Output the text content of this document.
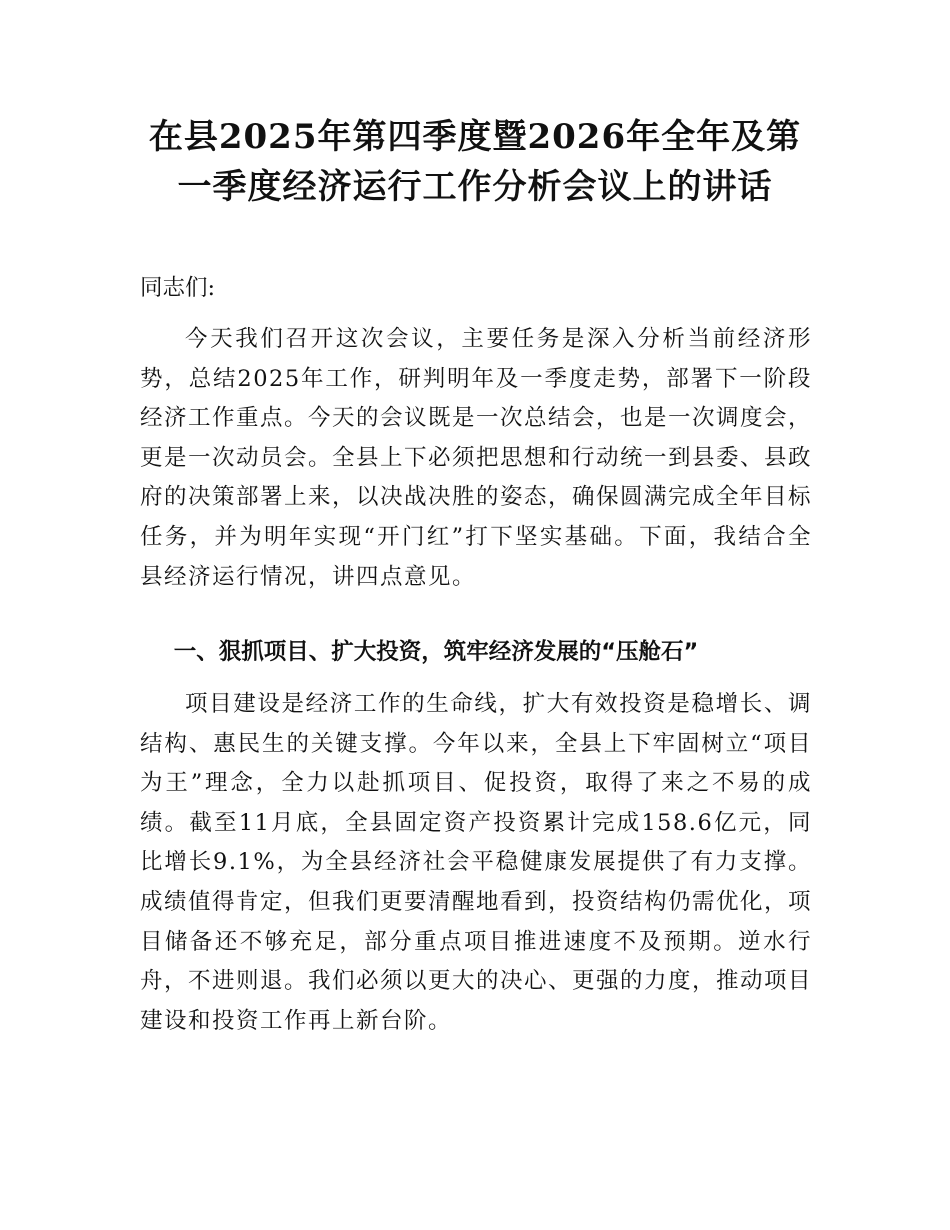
在县2025年第四季度暨2026年全年及第一季度经济运行工作分析会议上的讲话

同志们:

今天我们召开这次会议，主要任务是深入分析当前经济形势，总结2025年工作，研判明年及一季度走势，部署下一阶段经济工作重点。今天的会议既是一次总结会，也是一次调度会，更是一次动员会。全县上下必须把思想和行动统一到县委、县政府的决策部署上来，以决战决胜的姿态，确保圆满完成全年目标任务，并为明年实现“开门红”打下坚实基础。下面，我结合全县经济运行情况，讲四点意见。

一、狠抓项目、扩大投资，筑牢经济发展的“压舱石”

项目建设是经济工作的生命线，扩大有效投资是稳增长、调结构、惠民生的关键支撑。今年以来，全县上下牢固树立“项目为王”理念，全力以赴抓项目、促投资，取得了来之不易的成绩。截至11月底，全县固定资产投资累计完成158.6亿元，同比增长9.1%，为全县经济社会平稳健康发展提供了有力支撑。成绩值得肯定，但我们更要清醒地看到，投资结构仍需优化，项目储备还不够充足，部分重点项目推进速度不及预期。逆水行舟，不进则退。我们必须以更大的决心、更强的力度，推动项目建设和投资工作再上新台阶。
